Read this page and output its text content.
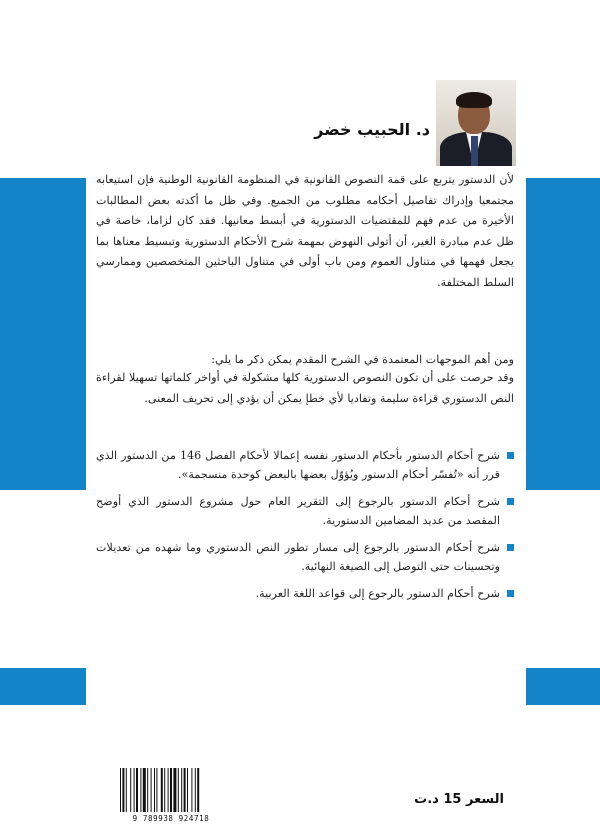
د. الحبيب خضر
لأن الدستور يتربع على قمة النصوص القانونية في المنظومة القانونية الوطنية فإن استيعابه مجتمعيا وإدراك تفاصيل أحكامه مطلوب من الجميع. وفي ظل ما أكدته بعض المطالبات الأخيرة من عدم فهم للمقتضيات الدستورية في أبسط معانيها. فقد كان لزاما، خاصة في ظل عدم مبادرة الغير، أن أتولى النهوض بمهمة شرح الأحكام الدستورية وتبسيط معناها بما يجعل فهمها في متناول العموم ومن باب أولى في متناول الباحثين المتخصصين وممارسي السلط المختلفة.
ومن أهم الموجهات المعتمدة في الشرح المقدم يمكن ذكر ما يلي:
وقد حرصت على أن تكون النصوص الدستورية كلها مشكولة في أواخر كلماتها تسهيلا لقراءة النص الدستوري قراءة سليمة وتفاديا لأي خطإ يمكن أن يؤدي إلى تحريف المعنى.
شرح أحكام الدستور بأحكام الدستور نفسه إعمالا لأحكام الفصل 146 من الدستور الذي قرر أنه «تُفسّر أحكام الدستور ويُؤوّل بعضها بالبعض كوحدة منسجمة».
شرح أحكام الدستور بالرجوع إلى التقرير العام حول مشروع الدستور الذي أوضح المقصد من عديد المضامين الدستورية.
شرح أحكام الدستور بالرجوع إلى مسار تطور النص الدستوري وما شهده من تعديلات وتحسينات حتى التوصل إلى الصيغة النهائية.
شرح أحكام الدستور بالرجوع إلى قواعد اللغة العربية.
9 789938 924718
السعر 15 د.ت
